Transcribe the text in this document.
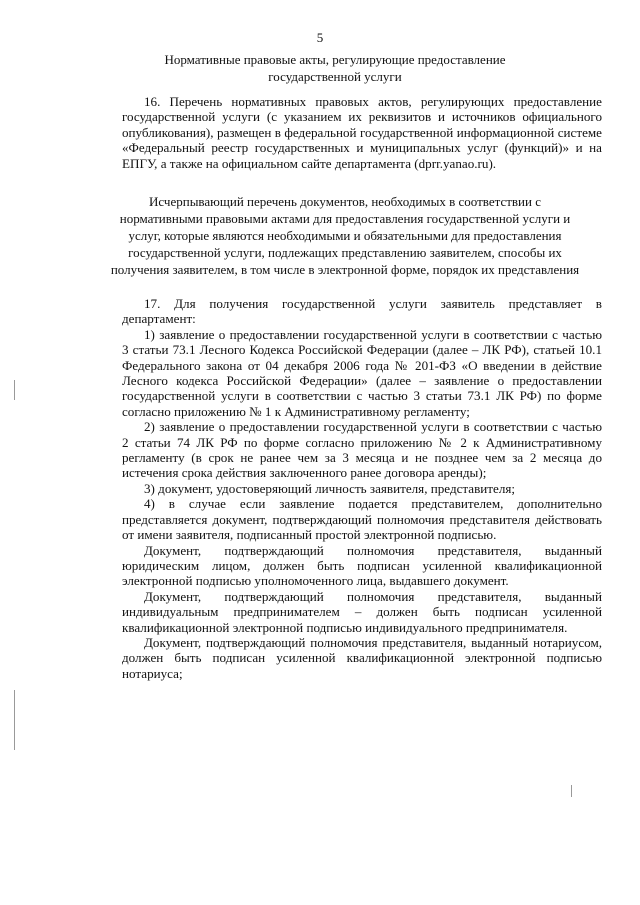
5
Нормативные правовые акты, регулирующие предоставление государственной услуги

16. Перечень нормативных правовых актов, регулирующих предоставление государственной услуги (с указанием их реквизитов и источников официального опубликования), размещен в федеральной государственной информационной системе «Федеральный реестр государственных и муниципальных услуг (функций)» и на ЕПГУ, а также на официальном сайте департамента (dprr.yanao.ru).

Исчерпывающий перечень документов, необходимых в соответствии с нормативными правовыми актами для предоставления государственной услуги и услуг, которые являются необходимыми и обязательными для предоставления государственной услуги, подлежащих представлению заявителем, способы их получения заявителем, в том числе в электронной форме, порядок их представления

17. Для получения государственной услуги заявитель представляет в департамент:

1) заявление о предоставлении государственной услуги в соответствии с частью 3 статьи 73.1 Лесного Кодекса Российской Федерации (далее – ЛК РФ), статьей 10.1 Федерального закона от 04 декабря 2006 года № 201-ФЗ «О введении в действие Лесного кодекса Российской Федерации» (далее – заявление о предоставлении государственной услуги в соответствии с частью 3 статьи 73.1 ЛК РФ) по форме согласно приложению № 1 к Административному регламенту;

2) заявление о предоставлении государственной услуги в соответствии с частью 2 статьи 74 ЛК РФ по форме согласно приложению № 2 к Административному регламенту (в срок не ранее чем за 3 месяца и не позднее чем за 2 месяца до истечения срока действия заключенного ранее договора аренды);

3) документ, удостоверяющий личность заявителя, представителя;

4) в случае если заявление подается представителем, дополнительно представляется документ, подтверждающий полномочия представителя действовать от имени заявителя, подписанный простой электронной подписью.

Документ, подтверждающий полномочия представителя, выданный юридическим лицом, должен быть подписан усиленной квалификационной электронной подписью уполномоченного лица, выдавшего документ.

Документ, подтверждающий полномочия представителя, выданный индивидуальным предпринимателем – должен быть подписан усиленной квалификационной электронной подписью индивидуального предпринимателя.

Документ, подтверждающий полномочия представителя, выданный нотариусом, должен быть подписан усиленной квалификационной электронной подписью нотариуса;
